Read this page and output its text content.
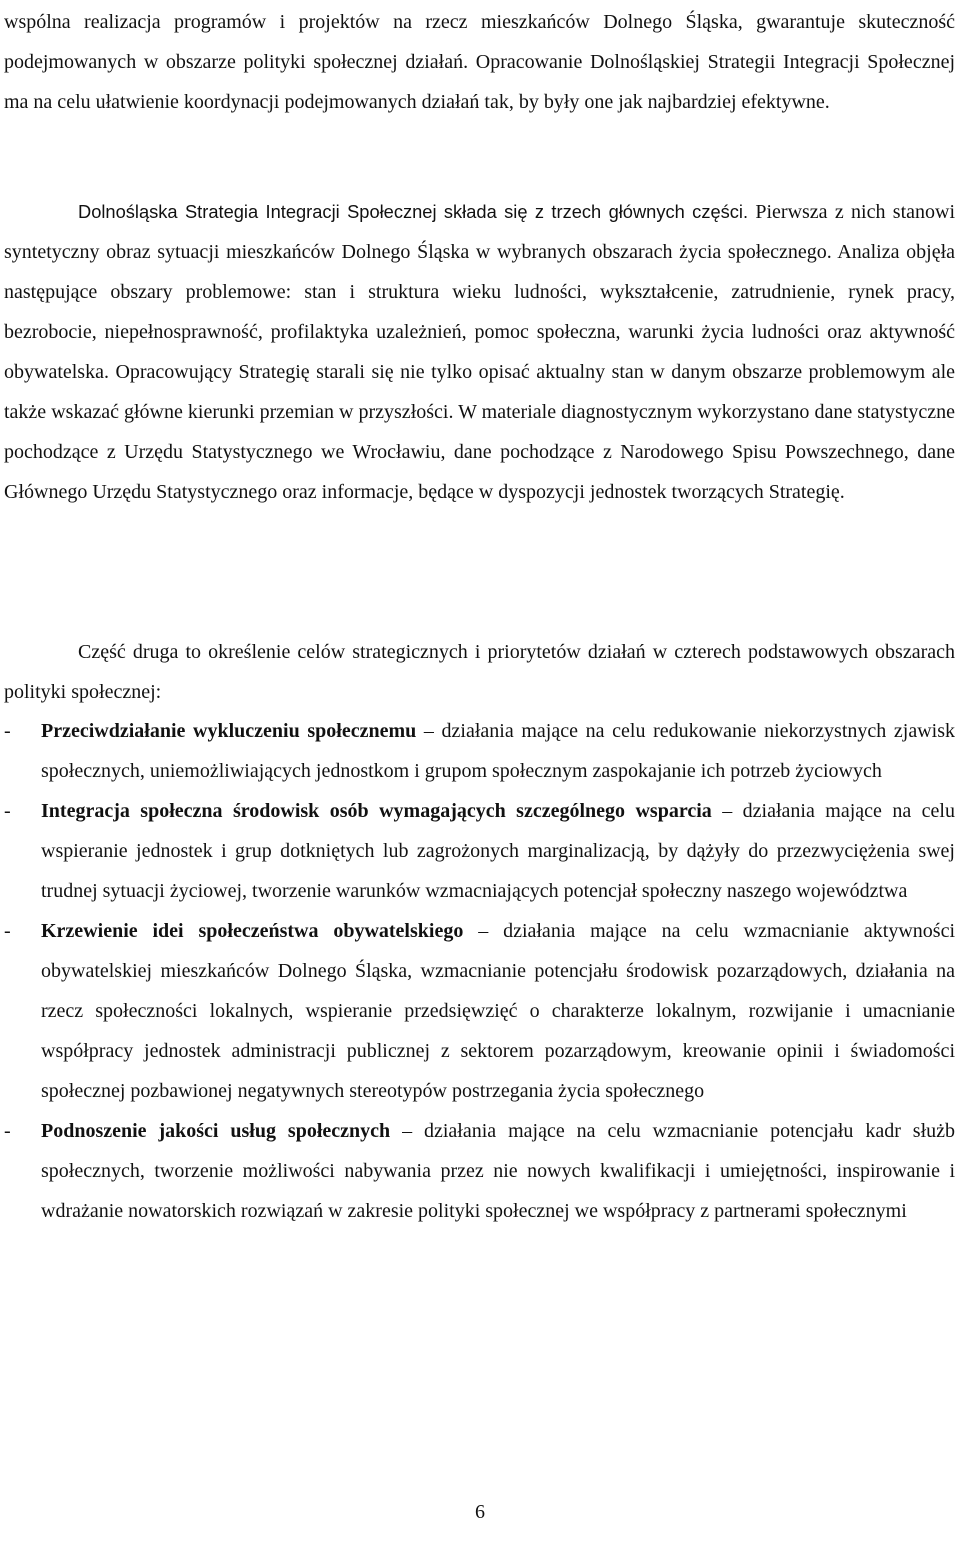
wspólna realizacja programów i projektów na rzecz mieszkańców Dolnego Śląska, gwarantuje skuteczność podejmowanych w obszarze polityki społecznej działań. Opracowanie Dolnośląskiej Strategii Integracji Społecznej ma na celu ułatwienie koordynacji podejmowanych działań tak, by były one jak najbardziej efektywne.

Dolnośląska Strategia Integracji Społecznej składa się z trzech głównych części. Pierwsza z nich stanowi syntetyczny obraz sytuacji mieszkańców Dolnego Śląska w wybranych obszarach życia społecznego. Analiza objęła następujące obszary problemowe: stan i struktura wieku ludności, wykształcenie, zatrudnienie, rynek pracy, bezrobocie, niepełnosprawność, profilaktyka uzależnień, pomoc społeczna, warunki życia ludności oraz aktywność obywatelska. Opracowujący Strategię starali się nie tylko opisać aktualny stan w danym obszarze problemowym ale także wskazać główne kierunki przemian w przyszłości. W materiale diagnostycznym wykorzystano dane statystyczne pochodzące z Urzędu Statystycznego we Wrocławiu, dane pochodzące z Narodowego Spisu Powszechnego, dane Głównego Urzędu Statystycznego oraz informacje, będące w dyspozycji jednostek tworzących Strategię.

Część druga to określenie celów strategicznych i priorytetów działań w czterech podstawowych obszarach polityki społecznej:

- Przeciwdziałanie wykluczeniu społecznemu – działania mające na celu redukowanie niekorzystnych zjawisk społecznych, uniemożliwiających jednostkom i grupom społecznym zaspokajanie ich potrzeb życiowych
- Integracja społeczna środowisk osób wymagających szczególnego wsparcia – działania mające na celu wspieranie jednostek i grup dotkniętych lub zagrożonych marginalizacją, by dążyły do przezwyciężenia swej trudnej sytuacji życiowej, tworzenie warunków wzmacniających potencjał społeczny naszego województwa
- Krzewienie idei społeczeństwa obywatelskiego – działania mające na celu wzmacnianie aktywności obywatelskiej mieszkańców Dolnego Śląska, wzmacnianie potencjału środowisk pozarządowych, działania na rzecz społeczności lokalnych, wspieranie przedsięwzięć o charakterze lokalnym, rozwijanie i umacnianie współpracy jednostek administracji publicznej z sektorem pozarządowym, kreowanie opinii i świadomości społecznej pozbawionej negatywnych stereotypów postrzegania życia społecznego
- Podnoszenie jakości usług społecznych – działania mające na celu wzmacnianie potencjału kadr służb społecznych, tworzenie możliwości nabywania przez nie nowych kwalifikacji i umiejętności, inspirowanie i wdrażanie nowatorskich rozwiązań w zakresie polityki społecznej we współpracy z partnerami społecznymi
6
